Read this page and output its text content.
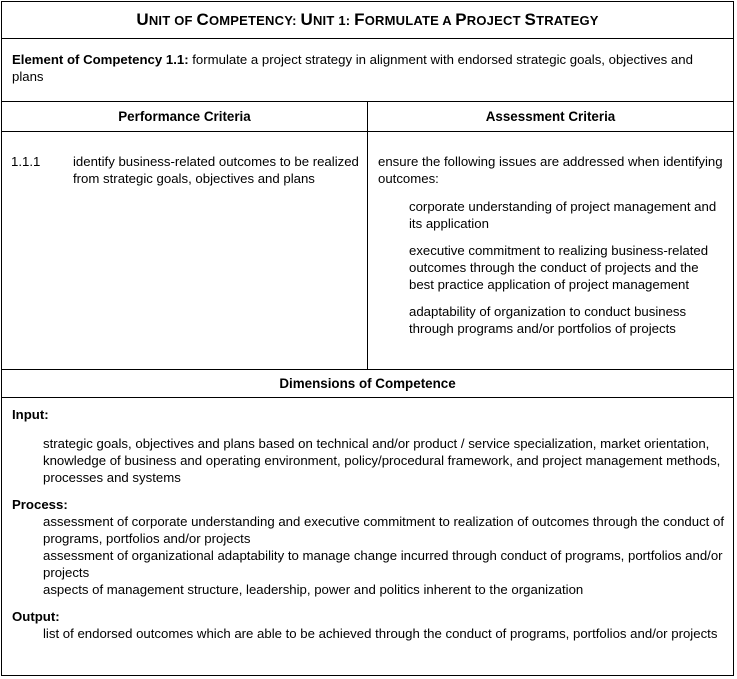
UNIT OF COMPETENCY: UNIT 1: FORMULATE A PROJECT STRATEGY
Element of Competency 1.1: formulate a project strategy in alignment with endorsed strategic goals, objectives and plans
Performance Criteria	Assessment Criteria
1.1.1	identify business-related outcomes to be realized from strategic goals, objectives and plans
ensure the following issues are addressed when identifying outcomes:
corporate understanding of project management and its application
executive commitment to realizing business-related outcomes through the conduct of projects and the best practice application of project management
adaptability of organization to conduct business through programs and/or portfolios of projects
Dimensions of Competence
Input:
strategic goals, objectives and plans based on technical and/or product / service specialization, market orientation, knowledge of business and operating environment, policy/procedural framework, and project management methods, processes and systems
Process:
assessment of corporate understanding and executive commitment to realization of outcomes through the conduct of programs, portfolios and/or projects
assessment of organizational adaptability to manage change incurred through conduct of programs, portfolios and/or projects
aspects of management structure, leadership, power and politics inherent to the organization
Output:
list of endorsed outcomes which are able to be achieved through the conduct of programs, portfolios and/or projects
